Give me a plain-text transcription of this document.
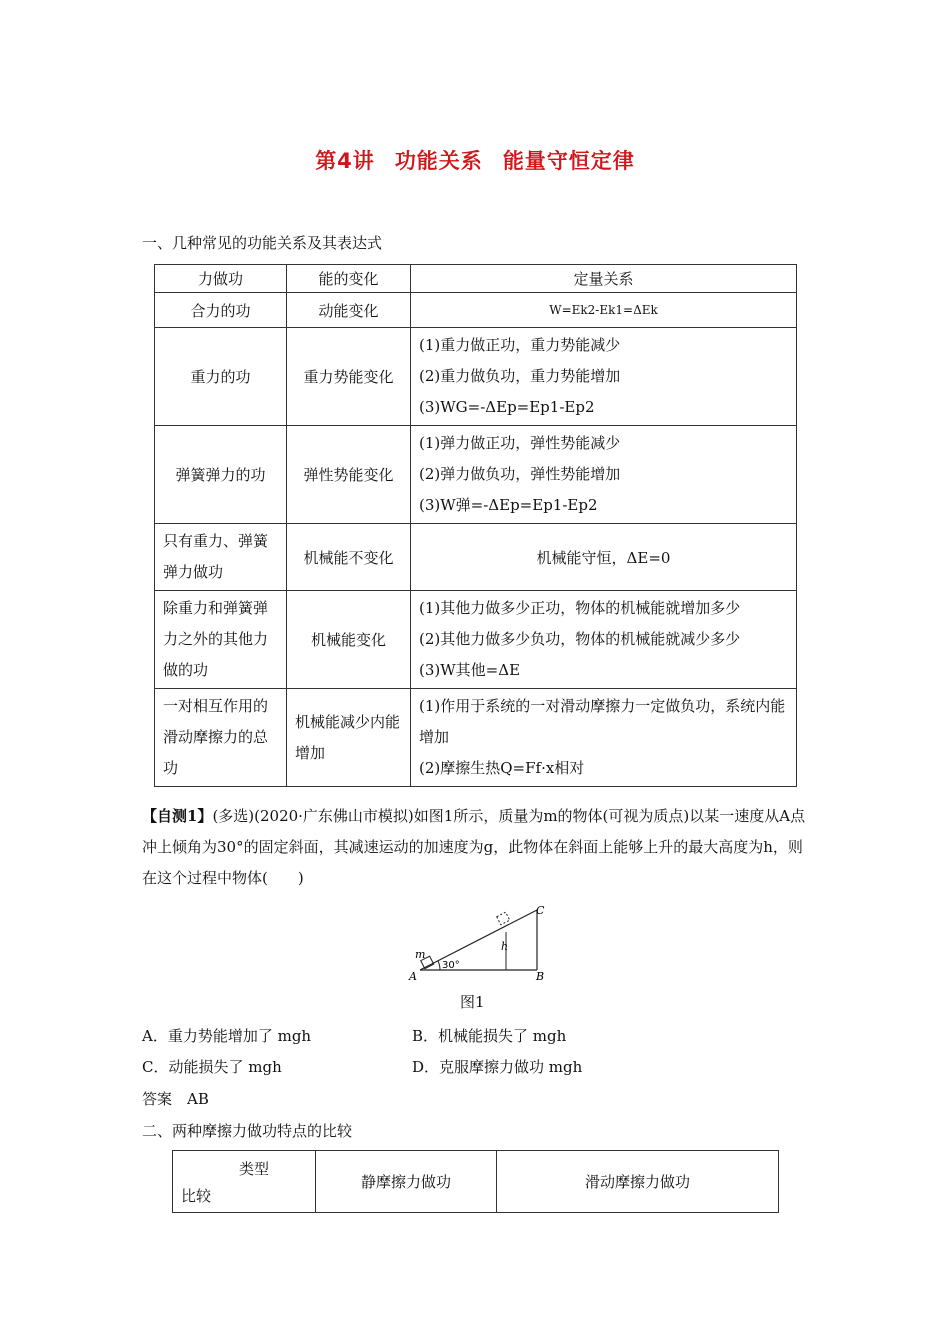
第4讲 功能关系 能量守恒定律
一、几种常见的功能关系及其表达式
力做功	能的变化	定量关系
合力的功	动能变化	W=Ek2-Ek1=ΔEk
重力的功	重力势能变化	(1)重力做正功，重力势能减少
(2)重力做负功，重力势能增加
(3)WG=-ΔEp=Ep1-Ep2

弹簧弹力的功	弹性势能变化	(1)弹力做正功，弹性势能减少
(2)弹力做负功，弹性势能增加
(3)W弹=-ΔEp=Ep1-Ep2

只有重力、弹簧弹力做功	机械能不变化	机械能守恒，ΔE=0
除重力和弹簧弹力之外的其他力做的功	机械能变化	(1)其他力做多少正功，物体的机械能就增加多少
(2)其他力做多少负功，物体的机械能就减少多少
(3)W其他=ΔE

一对相互作用的滑动摩擦力的总功	机械能减少内能增加	(1)作用于系统的一对滑动摩擦力一定做负功，系统内能增加
(2)摩擦生热Q=Ff·x相对
【自测1】(多选)(2020·广东佛山市模拟)如图1所示，质量为m的物体(可视为质点)以某一速度从A点冲上倾角为30°的固定斜面，其减速运动的加速度为g，此物体在斜面上能够上升的最大高度为h，则在这个过程中物体(　　)
m
A	B
C
h
30°
图1
A．重力势能增加了 mgh	B．机械能损失了 mgh
C．动能损失了 mgh	D．克服摩擦力做功 mgh
答案　AB
二、两种摩擦力做功特点的比较
类型
比较
	静摩擦力做功	滑动摩擦力做功
